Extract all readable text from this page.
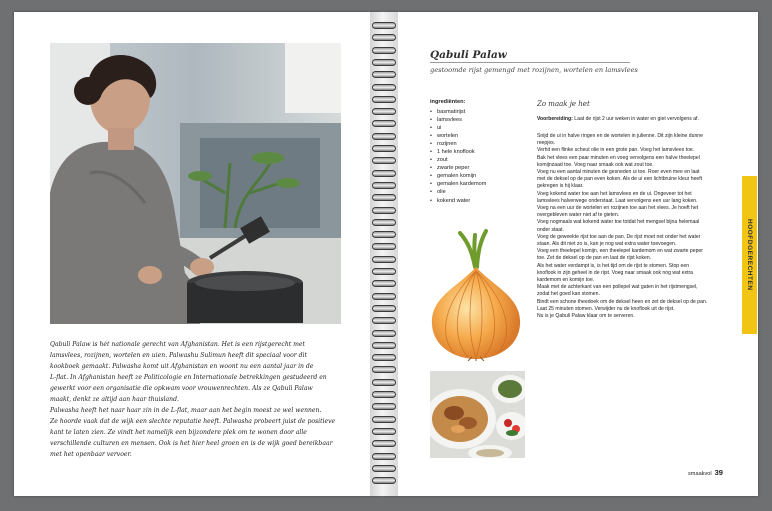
Qabuli Palaw is hét nationale gerecht van Afghanistan. Het is een rijstgerecht met

lamsvlees, rozijnen, wortelen en uien. Palwashu Sulimun heeft dit speciaal voor dit

kookboek gemaakt. Palwasha komt uit Afghanistan en woont nu een aantal jaar in de

L-flat. In Afghanistan heeft ze Politicologie en Internationale betrekkingen gestudeerd en

gewerkt voor een organisatie die opkwam voor vrouwenrechten. Als ze Qabuli Palaw

maakt, denkt ze altijd aan haar thuisland.

Palwasha heeft het naar haar zin in de L-flat, maar aan het begin moest ze wel wennen.

Ze hoorde vaak dat de wijk een slechte reputatie heeft. Palwasha probeert juist de positieve

kant te laten zien. Ze vindt het namelijk een bijzondere plek om te wonen door alle

verschillende culturen en mensen. Ook is het hier heel groen en is de wijk goed bereikbaar

met het openbaar vervoer.

Qabuli Palaw
gestoomde rijst gemengd met rozijnen, wortelen en lamsvlees
ingrediënten:
• basmatirijst
• lamsvlees
• ui
• wortelen
• rozijnen
• 1 hele knoflook
• zout
• zwarte peper
• gemalen komijn
• gemalen kardemom
• olie
• kokend water
Zo maak je het

Voorbereiding: Laat de rijst 2 uur weken in water en giet vervolgens af.

Snijd de ui in halve ringen en de wortelen in julienne. Dit zijn kleine dunne
reepjes.
Verhit een flinke scheut olie in een grote pan. Voeg het lamsvlees toe.
Bak het vlees een paar minuten en voeg vervolgens een halve theelepel
komijnzaad toe. Voeg naar smaak ook wat zout toe.
Voeg nu een aantal minuten de gesneden ui toe. Roer even mee en laat
met de deksel op de pan even koken. Als de ui een lichtbruine kleur heeft
gekregen is hij klaar.
Voeg kokend water toe aan het lamsvlees en de ui. Ongeveer tot het
lamsvlees halverwege onderstaat. Laat vervolgens een uur lang koken.
Voeg na een uur de wortelen en rozijnen toe aan het vlees. Je hoeft het
overgebleven water niet af te gieten.
Voeg nogmaals wat kokend water toe totdat het mengsel bijna helemaal
onder staat.
Voeg de geweekte rijst toe aan de pan. De rijst moet net onder het water
staan. Als dit niet zo is, kan je nog wat extra water toevoegen.
Voeg een theelepel komijn, een theelepel kardemom en wat zwarte peper
toe. Zet de deksel op de pan en laat de rijst koken.
Als het water verdampt is, is het tijd om de rijst te stomen. Stop een
knoflook in zijn geheel in de rijst. Voeg naar smaak ook nog wat extra
kardemom en komijn toe.
Maak met de achterkant van een pollepel wat gaten in het rijstmengsel,
zodat het goed kan stomen.
Bindt een schone theedoek om de deksel heen en zet de deksel op de pan.
Laat 25 minuten stomen. Verwijder nu de knoflook uit de rijst.
Nu is je Qabuli Palaw klaar om te serveren.
HOOFDGERECHTEN
smaakvol 39
